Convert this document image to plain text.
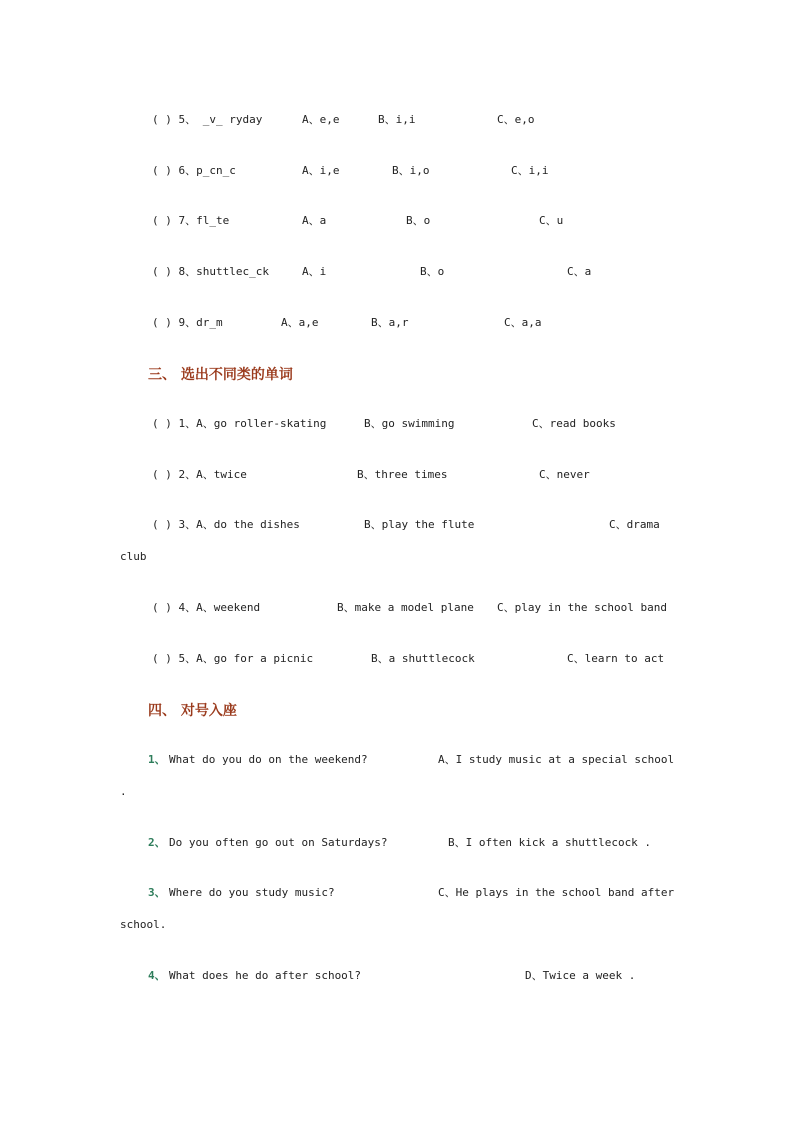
( ) 5、 _v_ ryday

	A、e,e

	B、i,i

	C、e,o

( ) 6、p_cn_c

	A、i,e

	B、i,o

	C、i,i

( ) 7、fl_te

	A、a

	B、o

	C、u

( ) 8、shuttlec_ck

	A、i

	B、o

	C、a

( ) 9、dr_m

	A、a,e

	B、a,r

	C、a,a

三、 选出不同类的单词

( ) 1、A、go roller-skating

	B、go swimming

	C、read books

( ) 2、A、twice

	B、three times

	C、never

( ) 3、A、do the dishes

	B、play the flute

	C、drama

club

( ) 4、A、weekend

	B、make a model plane

C、play in the school band

( ) 5、A、go for a picnic

	B、a shuttlecock

	C、learn to act

四、 对号入座

1、

What do you do on the weekend?

	A、I study music at a special school

.

2、

Do you often go out on Saturdays?

	B、I often kick a shuttlecock .

3、

Where do you study music?

	C、He plays in the school band after

school.

4、

What does he do after school?

	D、Twice a week .
